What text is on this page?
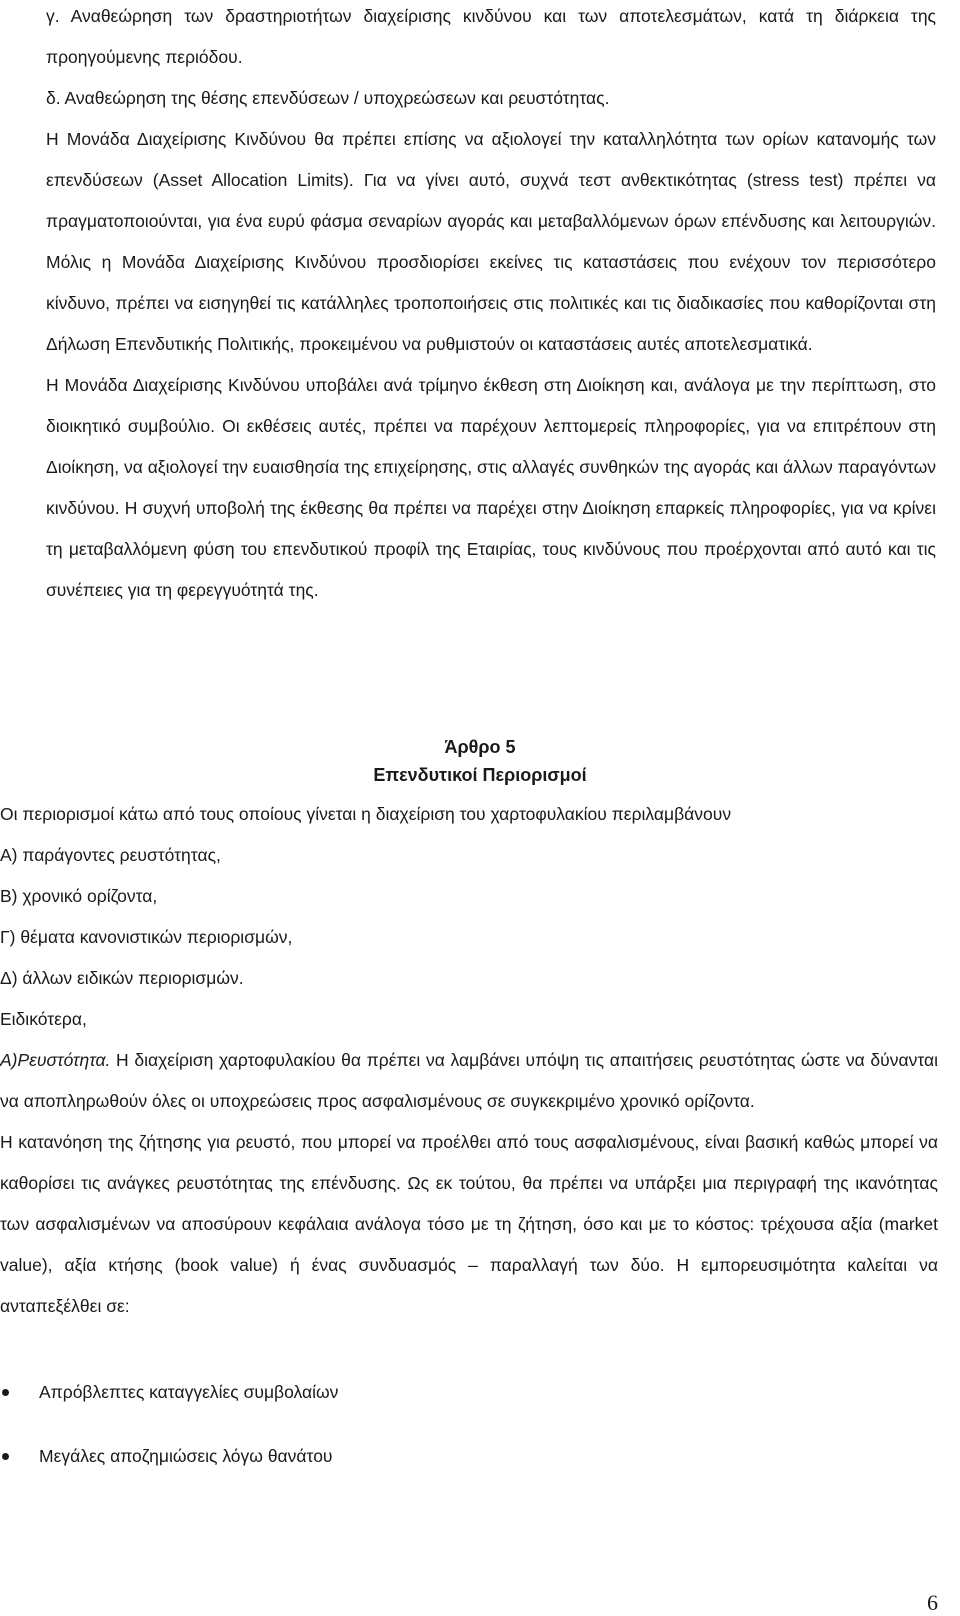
γ. Αναθεώρηση των δραστηριοτήτων διαχείρισης κινδύνου και των αποτελεσμάτων, κατά τη διάρκεια της προηγούμενης περιόδου.

δ. Αναθεώρηση της θέσης επενδύσεων / υποχρεώσεων και ρευστότητας.

Η Μονάδα Διαχείρισης Κινδύνου θα πρέπει επίσης να αξιολογεί την καταλληλότητα των ορίων κατανομής των επενδύσεων (Asset Allocation Limits). Για να γίνει αυτό, συχνά τεστ ανθεκτικότητας (stress test) πρέπει να πραγματοποιούνται, για ένα ευρύ φάσμα σεναρίων αγοράς και μεταβαλλόμενων όρων επένδυσης και λειτουργιών. Μόλις η Μονάδα Διαχείρισης Κινδύνου προσδιορίσει εκείνες τις καταστάσεις που ενέχουν τον περισσότερο κίνδυνο, πρέπει να εισηγηθεί τις κατάλληλες τροποποιήσεις στις πολιτικές και τις διαδικασίες που καθορίζονται στη Δήλωση Επενδυτικής Πολιτικής, προκειμένου να ρυθμιστούν οι καταστάσεις αυτές αποτελεσματικά.

Η Μονάδα Διαχείρισης Κινδύνου υποβάλει ανά τρίμηνο έκθεση στη Διοίκηση και, ανάλογα με την περίπτωση, στο διοικητικό συμβούλιο. Οι εκθέσεις αυτές, πρέπει να παρέχουν λεπτομερείς πληροφορίες, για να επιτρέπουν στη Διοίκηση, να αξιολογεί την ευαισθησία της επιχείρησης, στις αλλαγές συνθηκών της αγοράς και άλλων παραγόντων κινδύνου. Η συχνή υποβολή της έκθεσης θα πρέπει να παρέχει στην Διοίκηση επαρκείς πληροφορίες, για να κρίνει τη μεταβαλλόμενη φύση του επενδυτικού προφίλ της Εταιρίας, τους κινδύνους που προέρχονται από αυτό και τις συνέπειες για τη φερεγγυότητά της.

Άρθρο 5
Επενδυτικοί Περιορισμοί

Οι περιορισμοί κάτω από τους οποίους γίνεται η διαχείριση του χαρτοφυλακίου περιλαμβάνουν

Α) παράγοντες ρευστότητας,

Β) χρονικό ορίζοντα,

Γ) θέματα κανονιστικών περιορισμών,

Δ) άλλων ειδικών περιορισμών.

Ειδικότερα,

Α)Ρευστότητα. Η διαχείριση χαρτοφυλακίου θα πρέπει να λαμβάνει υπόψη τις απαιτήσεις ρευστότητας ώστε να δύνανται να αποπληρωθούν όλες οι υποχρεώσεις προς ασφαλισμένους σε συγκεκριμένο χρονικό ορίζοντα.

Η κατανόηση της ζήτησης για ρευστό, που μπορεί να προέλθει από τους ασφαλισμένους, είναι βασική καθώς μπορεί να καθορίσει τις ανάγκες ρευστότητας της επένδυσης. Ως εκ τούτου, θα πρέπει να υπάρξει μια περιγραφή της ικανότητας των ασφαλισμένων να αποσύρουν κεφάλαια ανάλογα τόσο με τη ζήτηση, όσο και με το κόστος: τρέχουσα αξία (market value), αξία κτήσης (book value) ή ένας συνδυασμός – παραλλαγή των δύο. Η εμπορευσιμότητα καλείται να ανταπεξέλθει σε:

Απρόβλεπτες καταγγελίες συμβολαίων
Μεγάλες αποζημιώσεις λόγω θανάτου
6
